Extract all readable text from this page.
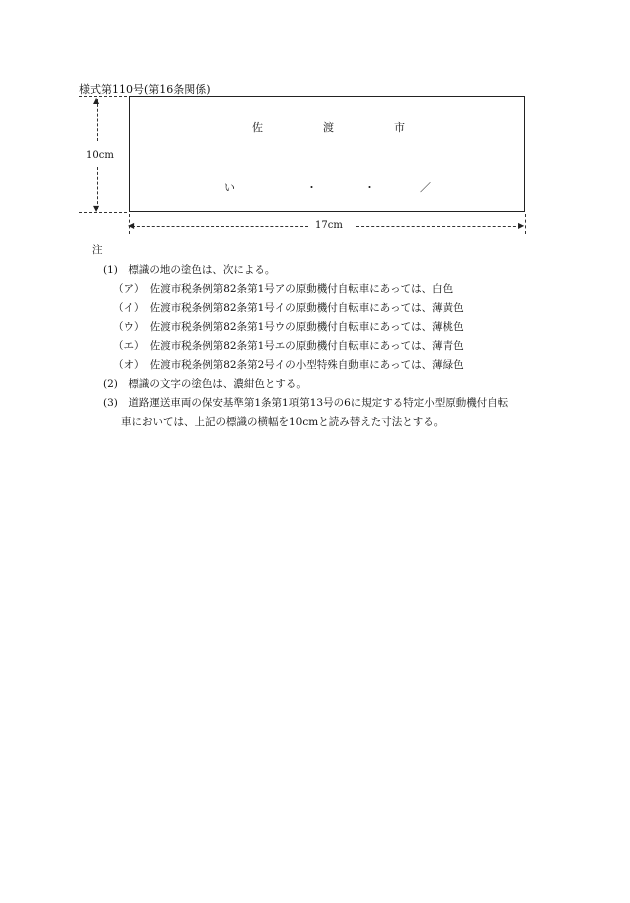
様式第110号(第16条関係)
佐	渡	市
い	・	・	／
▲
▼
10cm
◀	▶
17cm
注
(1)　標識の地の塗色は、次による。
（ア）　佐渡市税条例第82条第1号アの原動機付自転車にあっては、白色
（イ）　佐渡市税条例第82条第1号イの原動機付自転車にあっては、薄黄色
（ウ）　佐渡市税条例第82条第1号ウの原動機付自転車にあっては、薄桃色
（エ）　佐渡市税条例第82条第1号エの原動機付自転車にあっては、薄青色
（オ）　佐渡市税条例第82条第2号イの小型特殊自動車にあっては、薄緑色
(2)　標識の文字の塗色は、濃紺色とする。
(3)　道路運送車両の保安基準第1条第1項第13号の6に規定する特定小型原動機付自転
車においては、上記の標識の横幅を10cmと読み替えた寸法とする。
